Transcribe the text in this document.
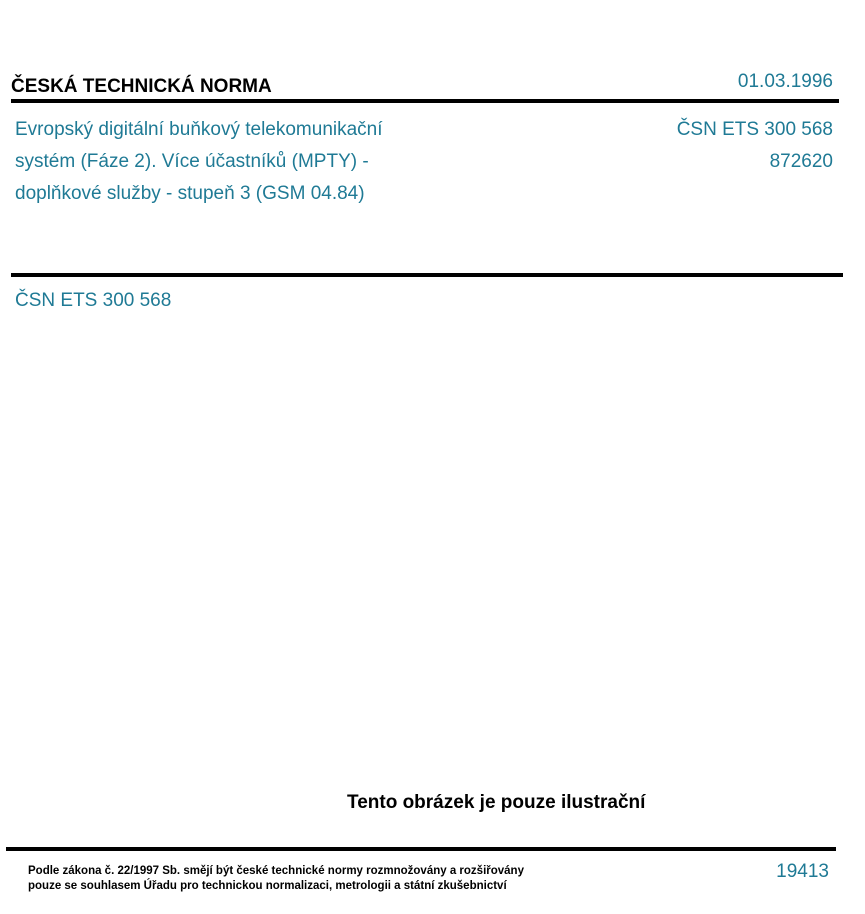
ČESKÁ TECHNICKÁ NORMA	01.03.1996
Evropský digitální buňkový telekomunikační
systém (Fáze 2). Více účastníků (MPTY) -
doplňkové služby - stupeň 3 (GSM 04.84)
ČSN ETS 300 568
872620
ČSN ETS 300 568
Tento obrázek je pouze ilustrační
Podle zákona č. 22/1997 Sb. smějí být české technické normy rozmnožovány a rozšiřovány
pouze se souhlasem Úřadu pro technickou normalizaci, metrologii a státní zkušebnictví
19413
